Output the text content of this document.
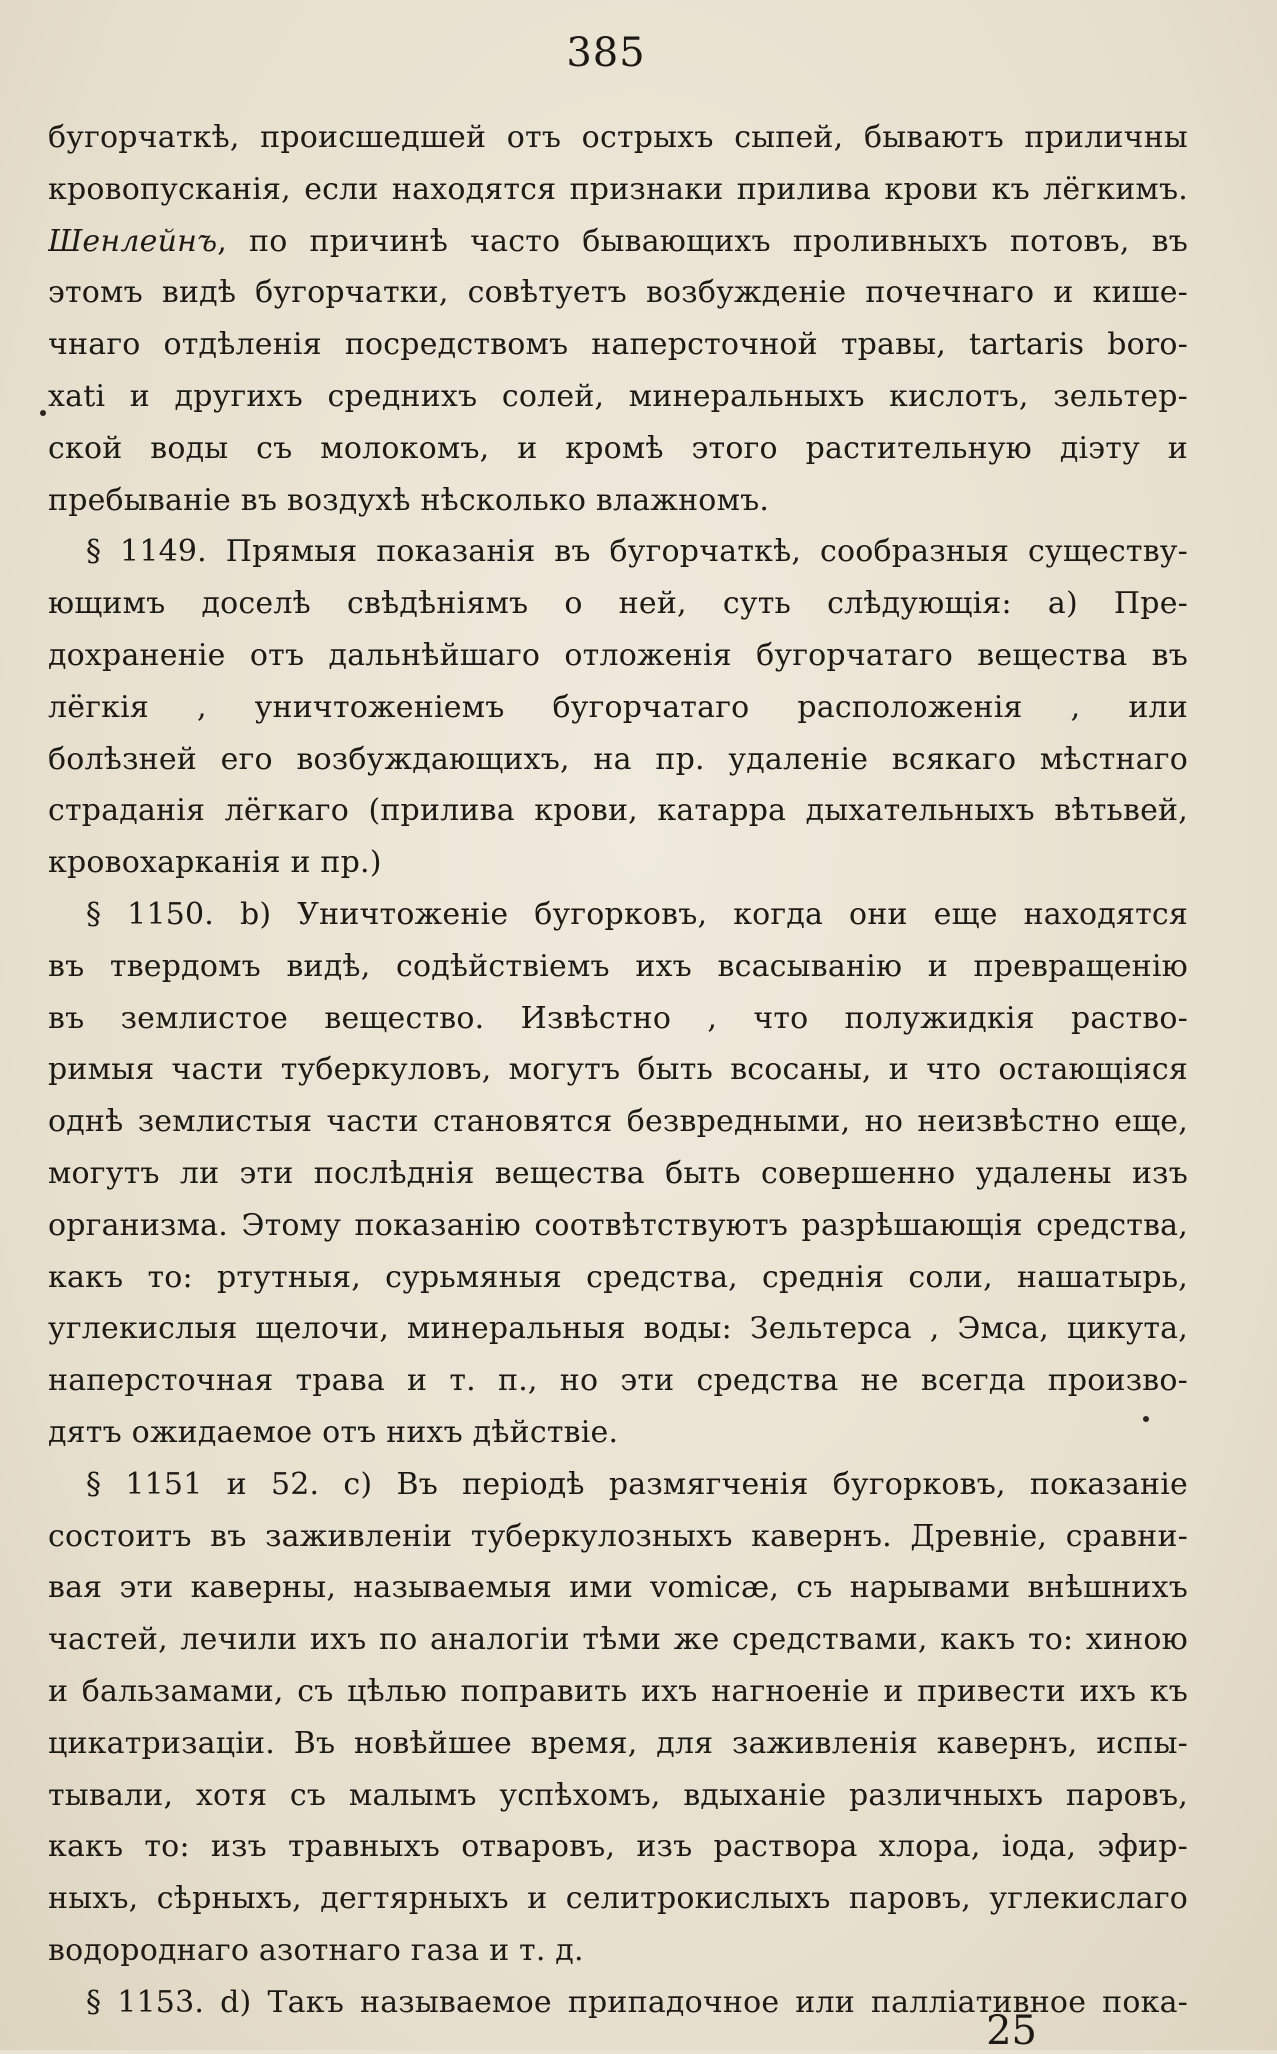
385
бугорчаткѣ, происшедшей отъ острыхъ сыпей, бываютъ приличны
кровопусканія, если находятся признаки прилива крови къ лёгкимъ.
Шенлейнъ, по причинѣ часто бывающихъ проливныхъ потовъ, въ
этомъ видѣ бугорчатки, совѣтуетъ возбужденіе почечнаго и кише-
чнаго отдѣленія посредствомъ наперсточной травы, tartaris boro-
xati и другихъ среднихъ солей, минеральныхъ кислотъ, зельтер-
ской воды съ молокомъ, и кромѣ этого растительную діэту и
пребываніе въ воздухѣ нѣсколько влажномъ.
§ 1149. Прямыя показанія въ бугорчаткѣ, сообразныя существу-
ющимъ доселѣ свѣдѣніямъ о ней, суть слѣдующія: a) Пре-
дохраненіе отъ дальнѣйшаго отложенія бугорчатаго вещества въ
лёгкія , уничтоженіемъ бугорчатаго расположенія , или
болѣзней его возбуждающихъ, на пр. удаленіе всякаго мѣстнаго
страданія лёгкаго (прилива крови, катарра дыхательныхъ вѣтьвей,
кровохарканія и пр.)
§ 1150. b) Уничтоженіе бугорковъ, когда они еще находятся
въ твердомъ видѣ, содѣйствіемъ ихъ всасыванію и превращенію
въ землистое вещество. Извѣстно , что полужидкія раство-
римыя части туберкуловъ, могутъ быть всосаны, и что остающіяся
однѣ землистыя части становятся безвредными, но неизвѣстно еще,
могутъ ли эти послѣднія вещества быть совершенно удалены изъ
организма. Этому показанію соотвѣтствуютъ разрѣшающія средства,
какъ то: ртутныя, сурьмяныя средства, среднія соли, нашатырь,
углекислыя щелочи, минеральныя воды: Зельтерса , Эмса, цикута,
наперсточная трава и т. п., но эти средства не всегда произво-
дятъ ожидаемое отъ нихъ дѣйствіе.
§ 1151 и 52. c) Въ періодѣ размягченія бугорковъ, показаніе
состоитъ въ заживленіи туберкулозныхъ кавернъ. Древніе, сравни-
вая эти каверны, называемыя ими vomicæ, съ нарывами внѣшнихъ
частей, лечили ихъ по аналогіи тѣми же средствами, какъ то: хиною
и бальзамами, съ цѣлью поправить ихъ нагноеніе и привести ихъ къ
цикатризаціи. Въ новѣйшее время, для заживленія кавернъ, испы-
тывали, хотя съ малымъ успѣхомъ, вдыханіе различныхъ паровъ,
какъ то: изъ травныхъ отваровъ, изъ раствора хлора, іода, эфир-
ныхъ, сѣрныхъ, дегтярныхъ и селитрокислыхъ паровъ, углекислаго
водороднаго азотнаго газа и т. д.
§ 1153. d) Такъ называемое припадочное или палліативное пока-
25
